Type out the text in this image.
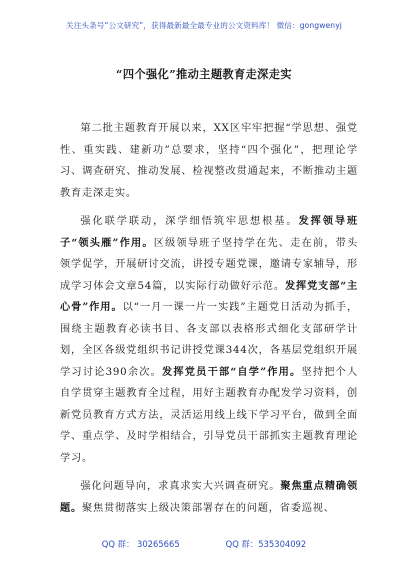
关注头条号“公文研究”，获得最新最全最专业的公文资料库！ 微信：gongwenyj
“四个强化”推动主题教育走深走实

第二批主题教育开展以来，XX区牢牢把握“学思想、强党性、重实践、建新功”总要求，坚持“四个强化”，把理论学习、调查研究、推动发展、检视整改贯通起来，不断推动主题教育走深走实。

强化联学联动，深学细悟筑牢思想根基。发挥领导班子“领头雁”作用。区级领导班子坚持学在先、走在前，带头领学促学，开展研讨交流，讲授专题党课，邀请专家辅导，形成学习体会文章54篇，以实际行动做好示范。发挥党支部“主心骨”作用。以“一月一课一片一实践”主题党日活动为抓手，围绕主题教育必读书目、各支部以表格形式细化支部研学计划，全区各级党组织书记讲授党课344次，各基层党组织开展学习讨论390余次。发挥党员干部“自学”作用。坚持把个人自学贯穿主题教育全过程，用好主题教育办配发学习资料，创新党员教育方式方法，灵活运用线上线下学习平台，做到全面学、重点学、及时学相结合，引导党员干部抓实主题教育理论学习。

强化问题导向，求真求实大兴调查研究。聚焦重点精确领题。聚焦贯彻落实上级决策部署存在的问题，省委巡视、

QQ 群： 30265665	QQ 群：535304092
